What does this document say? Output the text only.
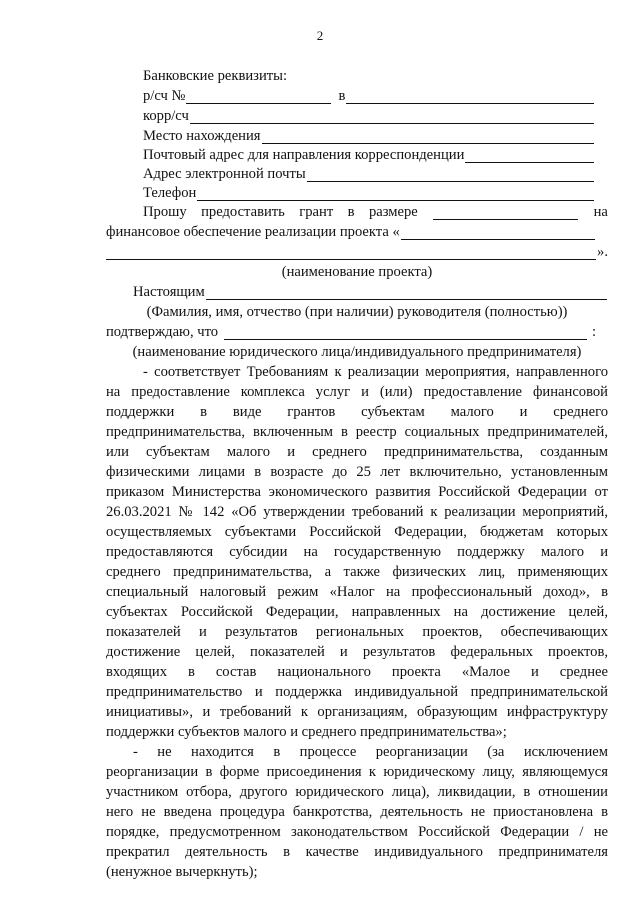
2
Банковские реквизиты:
р/сч №	в
корр/сч
Место нахождения
Почтовый адрес для направления корреспонденции
Адрес электронной почты
Телефон
Прошу предоставить грант в размере	на
финансовое обеспечение реализации проекта «
».
(наименование проекта)
Настоящим
(Фамилия, имя, отчество (при наличии) руководителя (полностью))
подтверждаю, что	:
(наименование юридического лица/индивидуального предпринимателя)
- соответствует Требованиям к реализации мероприятия, направленного
на предоставление комплекса услуг и (или) предоставление финансовой
поддержки в виде грантов субъектам малого и среднего
предпринимательства, включенным в реестр социальных предпринимателей,
или субъектам малого и среднего предпринимательства, созданным
физическими лицами в возрасте до 25 лет включительно, установленным
приказом Министерства экономического развития Российской Федерации от
26.03.2021 № 142 «Об утверждении требований к реализации мероприятий,
осуществляемых субъектами Российской Федерации, бюджетам которых
предоставляются субсидии на государственную поддержку малого и
среднего предпринимательства, а также физических лиц, применяющих
специальный налоговый режим «Налог на профессиональный доход», в
субъектах Российской Федерации, направленных на достижение целей,
показателей и результатов региональных проектов, обеспечивающих
достижение целей, показателей и результатов федеральных проектов,
входящих в состав национального проекта «Малое и среднее
предпринимательство и поддержка индивидуальной предпринимательской
инициативы», и требований к организациям, образующим инфраструктуру
поддержки субъектов малого и среднего предпринимательства»;
- не находится в процессе реорганизации (за исключением
реорганизации в форме присоединения к юридическому лицу, являющемуся
участником отбора, другого юридического лица), ликвидации, в отношении
него не введена процедура банкротства, деятельность не приостановлена в
порядке, предусмотренном законодательством Российской Федерации / не
прекратил деятельность в качестве индивидуального предпринимателя
(ненужное вычеркнуть);
